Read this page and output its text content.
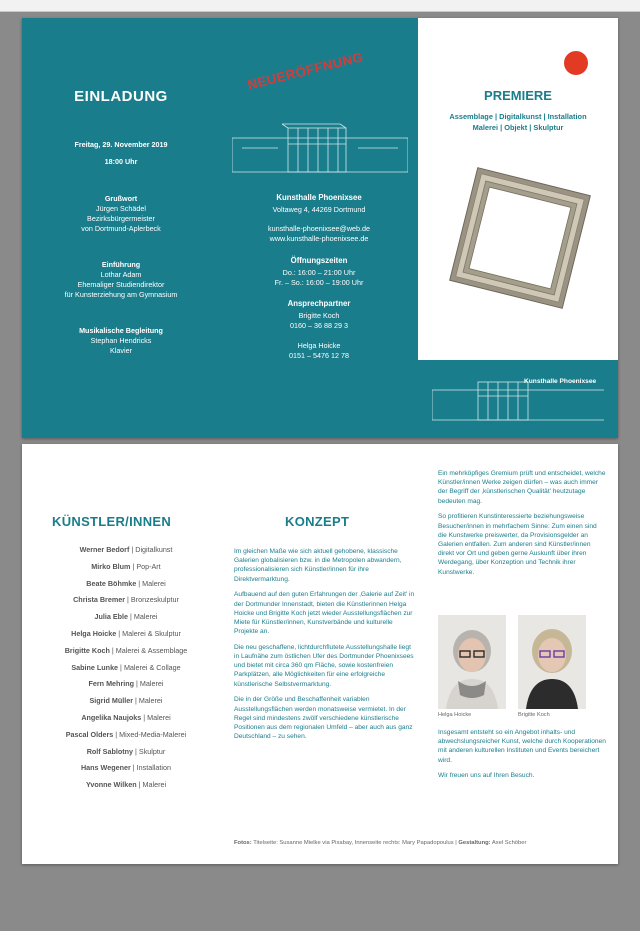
EINLADUNG
Freitag, 29. November 2019
18:00 Uhr
Grußwort
Jürgen Schädel
Bezirksbürgermeister
von Dortmund-Aplerbeck
Einführung
Lothar Adam
Ehemaliger Studiendirektor
für Kunsterziehung am Gymnasium
Musikalische Begleitung
Stephan Hendricks
Klavier
Kunsthalle Phoenixsee
Voltaweg 4, 44269 Dortmund
kunsthalle-phoenixsee@web.de
www.kunsthalle-phoenixsee.de
Öffnungszeiten
Do.: 16:00 – 21:00 Uhr
Fr. – So.: 16:00 – 19:00 Uhr
Ansprechpartner
Brigitte Koch
0160 – 36 88 29 3
Helga Hoicke
0151 – 5476 12 78
NEUERÖFFNUNG
PREMIERE
Assemblage | Digitalkunst | Installation
Malerei | Objekt | Skulptur
Kunsthalle Phoenixsee
KÜNSTLER/INNEN
Werner Bedorf | Digitalkunst
Mirko Blum | Pop-Art
Beate Böhmke | Malerei
Christa Bremer | Bronzeskulptur
Julia Eble | Malerei
Helga Hoicke | Malerei & Skulptur
Brigitte Koch | Malerei & Assemblage
Sabine Lunke | Malerei & Collage
Fern Mehring | Malerei
Sigrid Müller | Malerei
Angelika Naujoks | Malerei
Pascal Olders | Mixed-Media-Malerei
Rolf Sablotny | Skulptur
Hans Wegener | Installation
Yvonne Wilken | Malerei
KONZEPT
Im gleichen Maße wie sich aktuell gehobene, klassische Galerien globalisieren bzw. in die Metropolen abwandern, professionalisieren sich Künstler/innen für ihre Direktvermarktung.
Aufbauend auf den guten Erfahrungen der ‚Galerie auf Zeit' in der Dortmunder Innenstadt, bieten die Künstlerinnen Helga Hoicke und Brigitte Koch jetzt wieder Ausstellungsflächen zur Miete für Künstler/innen, Kunstverbände und kulturelle Projekte an.
Die neu geschaffene, lichtdurchflutete Ausstellungshalle liegt in Laufnähe zum östlichen Ufer des Dortmunder Phoenixsees und bietet mit circa 360 qm Fläche, sowie kostenfreien Parkplätzen, alle Möglichkeiten für eine erfolgreiche künstlerische Selbstvermarktung.
Die in der Größe und Beschaffenheit variablen Ausstellungsflächen werden monatsweise vermietet. In der Regel sind mindestens zwölf verschiedene künstlerische Positionen aus dem regionalen Umfeld – aber auch aus ganz Deutschland – zu sehen.
Ein mehrköpfiges Gremium prüft und entscheidet, welche Künstler/innen Werke zeigen dürfen – was auch immer der Begriff der ‚künstlerischen Qualität' heutzutage bedeuten mag.
So profitieren Kunstinteressierte beziehungsweise Besucher/innen in mehrfachem Sinne: Zum einen sind die Kunstwerke preiswerter, da Provisionsgelder an Galerien entfallen. Zum anderen sind Künstler/innen direkt vor Ort und geben gerne Auskunft über ihren Werdegang, über Konzeption und Technik ihrer Kunstwerke.
Helga Hoicke	Brigitte Koch
Insgesamt entsteht so ein Angebot inhalts- und abwechslungsreicher Kunst, welche durch Kooperationen mit anderen kulturellen Instituten und Events bereichert wird.
Wir freuen uns auf Ihren Besuch.
Fotos: Titelseite: Susanne Mielke via Pixabay, Innenseite rechts: Mary Papadopoulus | Gestaltung: Axel Schöber
